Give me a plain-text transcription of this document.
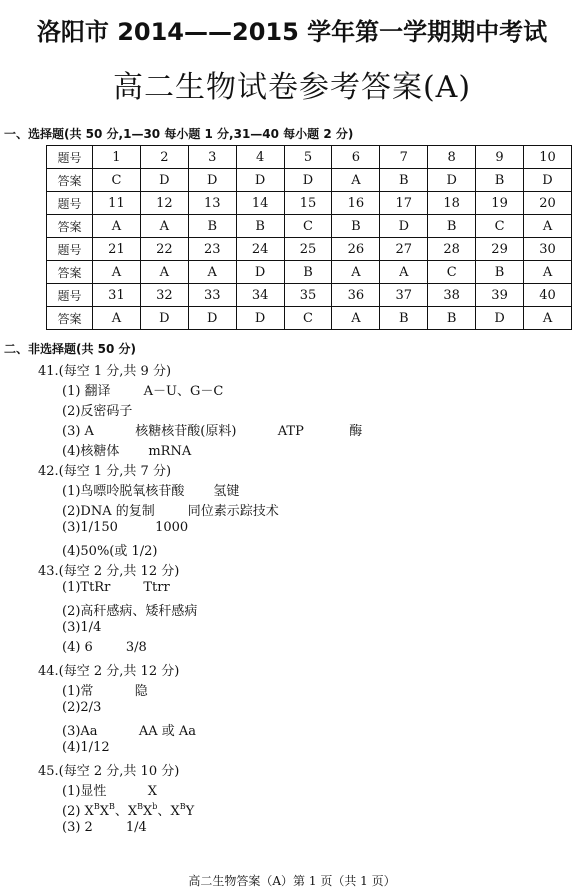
洛阳市 2014——2015 学年第一学期期中考试
高二生物试卷参考答案(A)
一、选择题(共 50 分,1—30 每小题 1 分,31—40 每小题 2 分)
题号	1	2	3	4	5	6	7	8	9	10
答案	C	D	D	D	D	A	B	D	B	D
题号	11	12	13	14	15	16	17	18	19	20
答案	A	A	B	B	C	B	D	B	C	A
题号	21	22	23	24	25	26	27	28	29	30
答案	A	A	A	D	B	A	A	C	B	A
题号	31	32	33	34	35	36	37	38	39	40
答案	A	D	D	D	C	A	B	B	D	A
二、非选择题(共 50 分)
41.(每空 1 分,共 9 分)
(1) 翻译        A－U、G－C
(2)反密码子
(3) A          核糖核苷酸(原料)          ATP           酶
(4)核糖体       mRNA
42.(每空 1 分,共 7 分)
(1)鸟嘌呤脱氧核苷酸       氢键
(2)DNA 的复制        同位素示踪技术
(3)1/150         1000
(4)50%(或 1/2)
43.(每空 2 分,共 12 分)
(1)TtRr        Ttrr
(2)高秆感病、矮秆感病
(3)1/4
(4) 6        3/8
44.(每空 2 分,共 12 分)
(1)常          隐
(2)2/3
(3)Aa          AA 或 Aa
(4)1/12
45.(每空 2 分,共 10 分)
(1)显性          X
(2) $X^BX^B$、$X^BX^b$、$X^BY$
(3) 2        1/4
高二生物答案（A）第 1 页（共 1 页）
